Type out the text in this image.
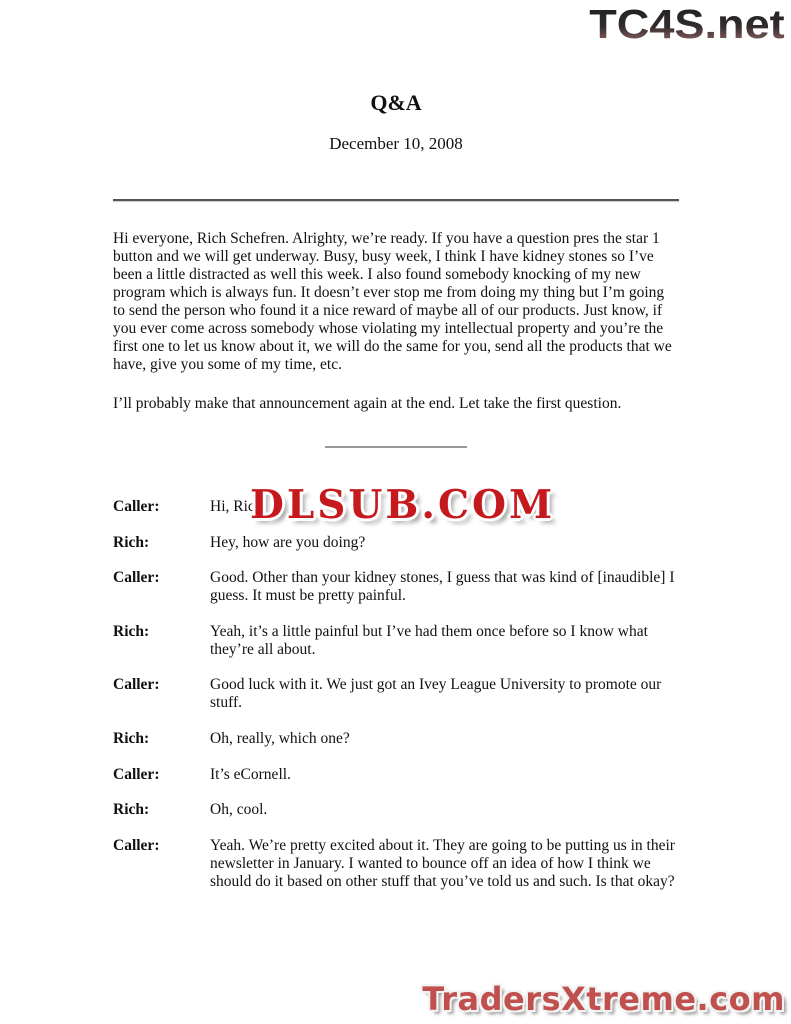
TC4S.net
Q&A
December 10, 2008
Hi everyone, Rich Schefren. Alrighty, we’re ready. If you have a question pres the star 1 button and we will get underway. Busy, busy week, I think I have kidney stones so I’ve been a little distracted as well this week. I also found somebody knocking of my new program which is always fun. It doesn’t ever stop me from doing my thing but I’m going to send the person who found it a nice reward of maybe all of our products. Just know, if you ever come across somebody whose violating my intellectual property and you’re the first one to let us know about it, we will do the same for you, send all the products that we have, give you some of my time, etc.
I’ll probably make that announcement again at the end. Let take the first question.
Caller:	Hi, Rich
Rich:	Hey, how are you doing?
Caller:	Good. Other than your kidney stones, I guess that was kind of [inaudible] I guess. It must be pretty painful.
Rich:	Yeah, it’s a little painful but I’ve had them once before so I know what they’re all about.
Caller:	Good luck with it. We just got an Ivey League University to promote our stuff.
Rich:	Oh, really, which one?
Caller:	It’s eCornell.
Rich:	Oh, cool.
Caller:	Yeah. We’re pretty excited about it. They are going to be putting us in their newsletter in January. I wanted to bounce off an idea of how I think we should do it based on other stuff that you’ve told us and such. Is that okay?
DLSUB.COM
TradersXtreme.com
